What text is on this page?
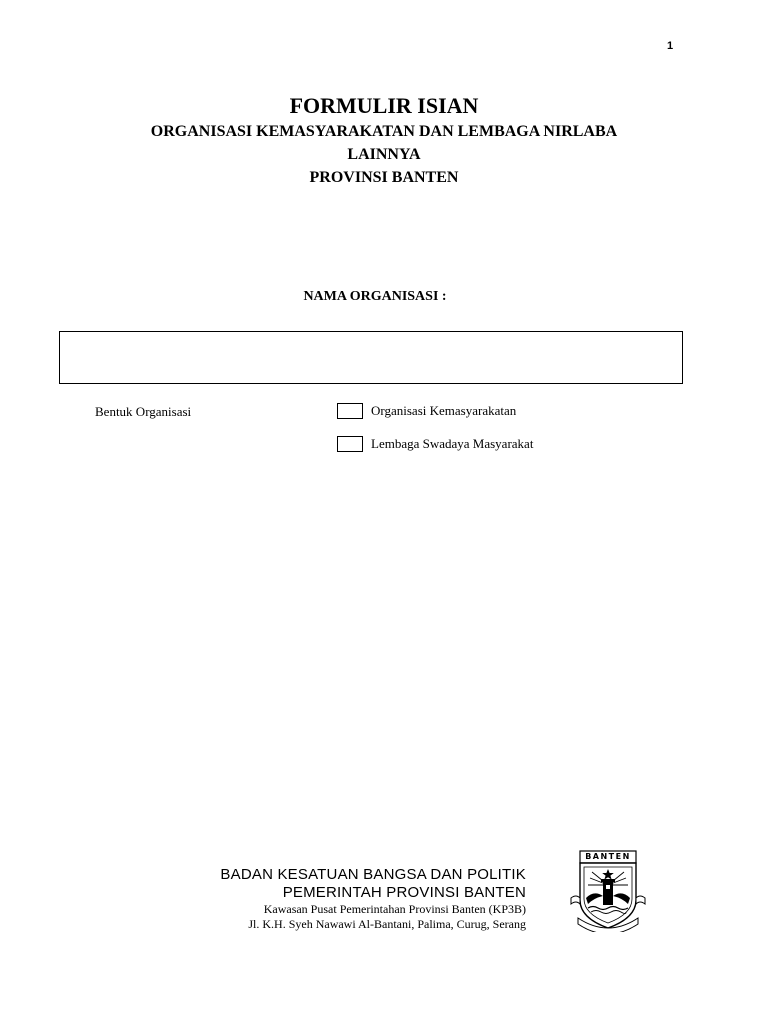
1
FORMULIR ISIAN
ORGANISASI KEMASYARAKATAN DAN LEMBAGA NIRLABA
LAINNYA
PROVINSI BANTEN
NAMA ORGANISASI :
Bentuk Organisasi	Organisasi Kemasyarakatan
Lembaga Swadaya Masyarakat
BADAN KESATUAN BANGSA DAN POLITIK
PEMERINTAH PROVINSI BANTEN
Kawasan Pusat Pemerintahan Provinsi Banten (KP3B)
Jl. K.H. Syeh Nawawi Al-Bantani, Palima, Curug, Serang
BANTEN
